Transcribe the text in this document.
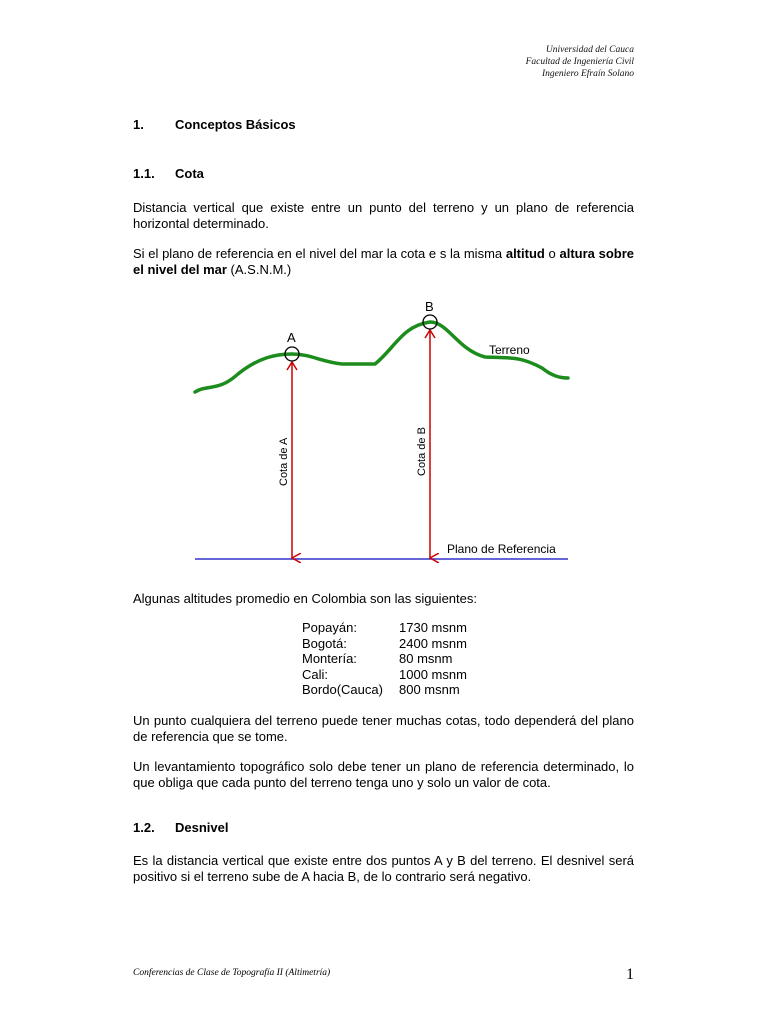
Universidad del Cauca
Facultad de Ingeniería Civil
Ingeniero Efraín Solano
1. Conceptos Básicos
1.1. Cota
Distancia vertical que existe entre un punto del terreno y un plano de referencia horizontal determinado.
Si el plano de referencia en el nivel del mar la cota e s la misma altitud o altura sobre el nivel del mar (A.S.N.M.)
A
B
Terreno
Cota de A	Cota de B
Plano de Referencia
Algunas altitudes promedio en Colombia son las siguientes:
Popayán:	1730 msnm
Bogotá:	2400 msnm
Montería:	80 msnm
Cali:	1000 msnm
Bordo(Cauca)	800 msnm
Un punto cualquiera del terreno puede tener muchas cotas, todo dependerá del plano de referencia que se tome.
Un levantamiento topográfico solo debe tener un plano de referencia determinado, lo que obliga que cada punto del terreno tenga uno y solo un valor de cota.
1.2. Desnivel
Es la distancia vertical que existe entre dos puntos A y B del terreno. El desnivel será positivo si el terreno sube de A hacia B, de lo contrario será negativo.
Conferencias de Clase de Topografía II (Altimetría)	1
